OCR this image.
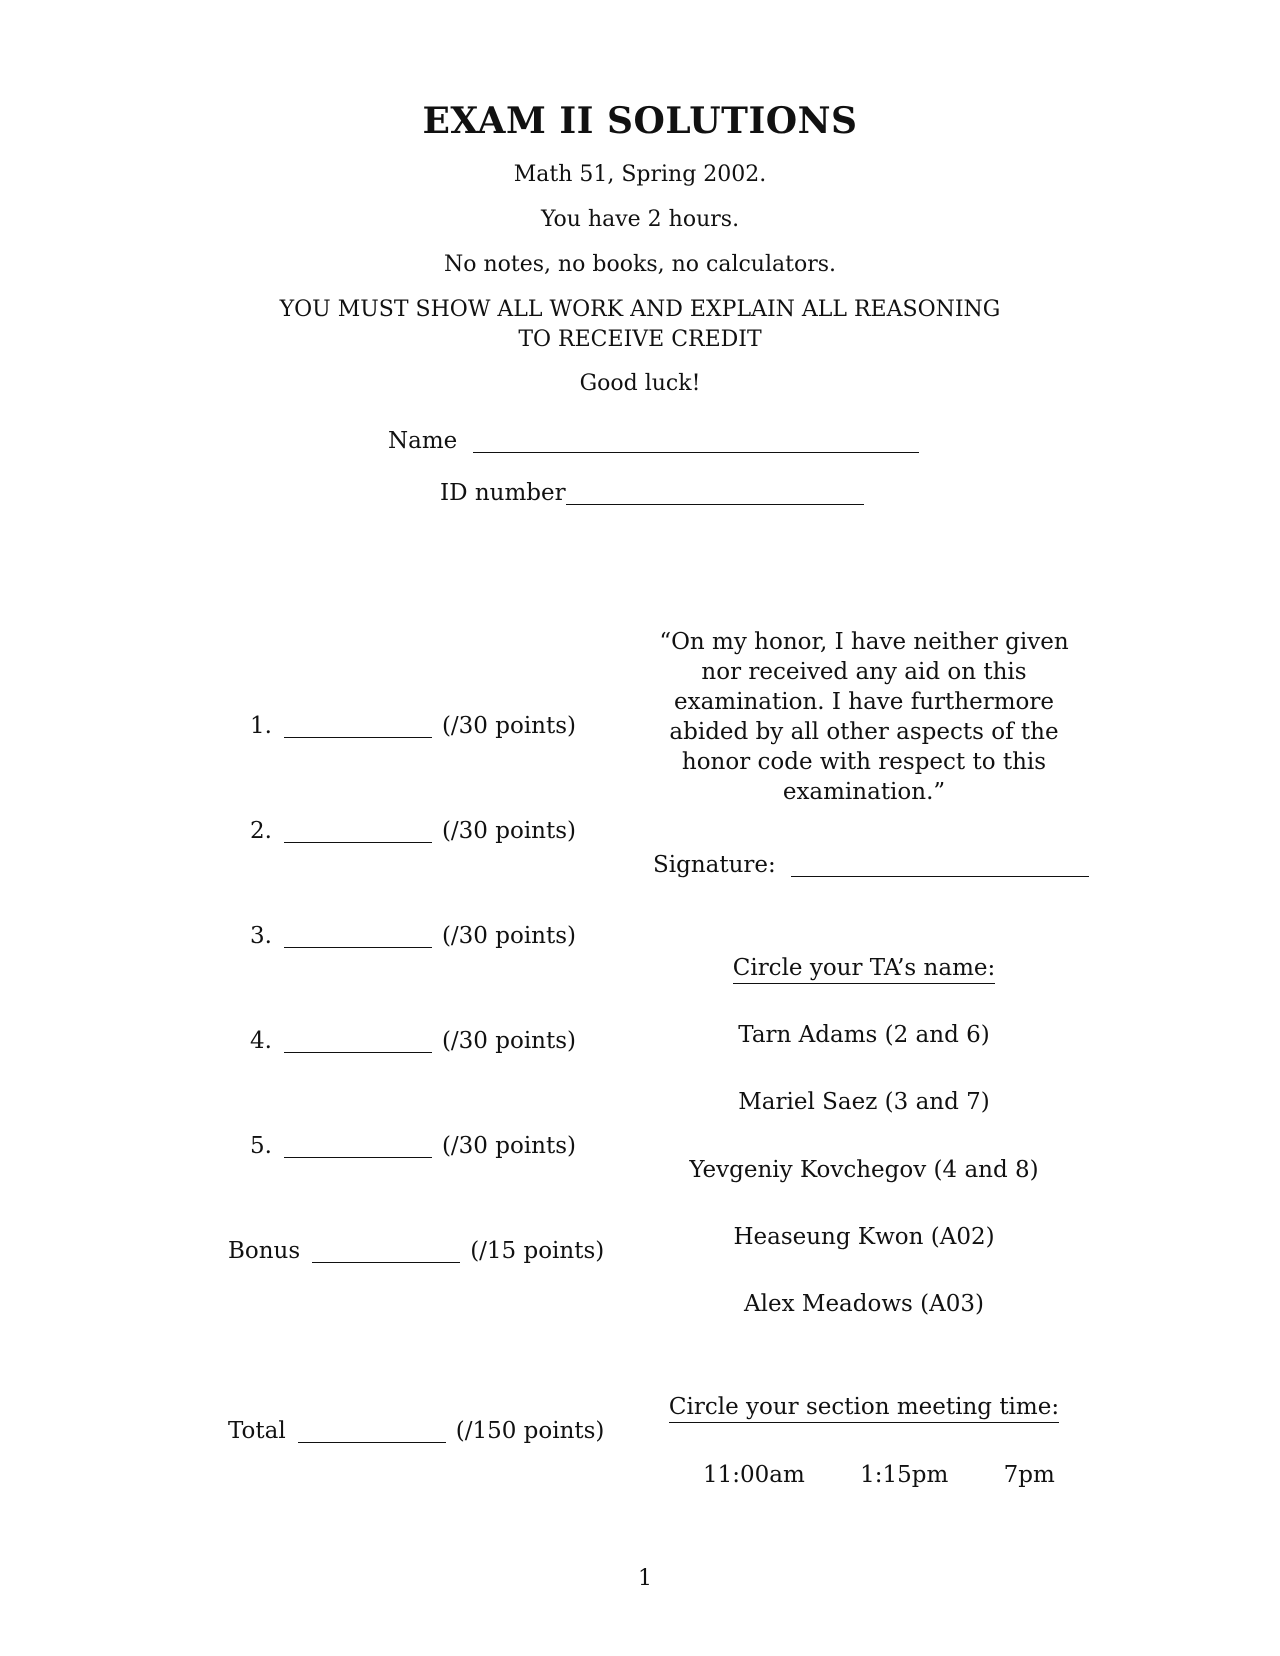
EXAM II SOLUTIONS
Math 51, Spring 2002.
You have 2 hours.
No notes, no books, no calculators.
YOU MUST SHOW ALL WORK AND EXPLAIN ALL REASONING
TO RECEIVE CREDIT
Good luck!
Name
ID number
1.	(/30 points)
2.	(/30 points)
3.	(/30 points)
4.	(/30 points)
5.	(/30 points)
Bonus	(/15 points)
Total	(/150 points)
“On my honor, I have neither given nor received any aid on this examination. I have furthermore abided by all other aspects of the honor code with respect to this examination.”
Signature:
Circle your TA’s name:
Tarn Adams (2 and 6)
Mariel Saez (3 and 7)
Yevgeniy Kovchegov (4 and 8)
Heaseung Kwon (A02)
Alex Meadows (A03)
Circle your section meeting time:
11:00am 1:15pm 7pm
1
